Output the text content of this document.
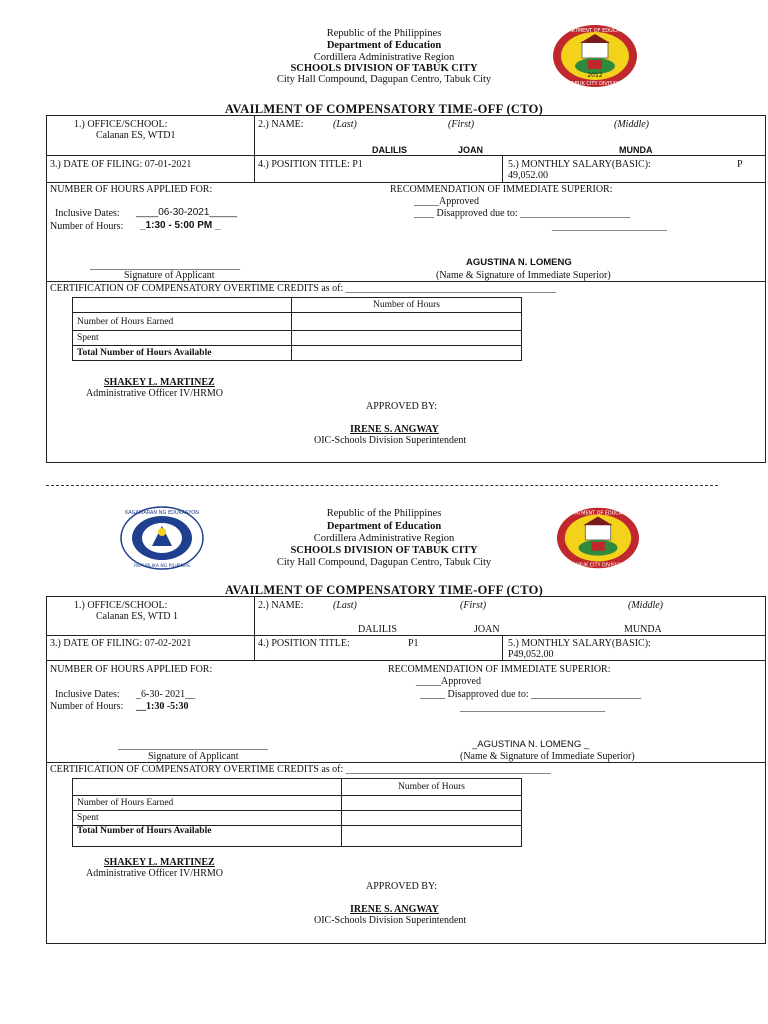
Republic of the Philippines
Department of Education
Cordillera Administrative Region
SCHOOLS DIVISION OF TABUK CITY
City Hall Compound, Dagupan Centro, Tabuk City	2012
DEPARTMENT OF EDUCATION
TABUK CITY DIVISION
AVAILMENT OF COMPENSATORY TIME-OFF (CTO)
1.) OFFICE/SCHOOL:
Calanan ES, WTD1
2.) NAME:	(Last)	(First)	(Middle)
DALILIS	JOAN	MUNDA
3.) DATE OF FILING: 07-01-2021	4.) POSITION TITLE: P1	5.) MONTHLY SALARY(BASIC):	P
49,052.00
NUMBER OF HOURS APPLIED FOR:	RECOMMENDATION OF IMMEDIATE SUPERIOR:
_____Approved
____ Disapproved due to: ______________________
_______________________
Inclusive Dates: ____06-30-2021_____
Number of Hours: _1:30 - 5:00 PM _
______________________________
Signature of Applicant
AGUSTINA N. LOMENG
(Name & Signature of Immediate Superior)
CERTIFICATION OF COMPENSATORY OVERTIME CREDITS as of: __________________________________________
	Number of Hours
Number of Hours Earned	
Spent	
Total Number of Hours Available	
SHAKEY L. MARTINEZ
Administrative Officer IV/HRMO
APPROVED BY:
IRENE S. ANGWAY
OIC-Schools Division Superintendent
KAGAWARAN NG EDUKASYON
REPUBLIKA NG PILIPINAS
Republic of the Philippines
Department of Education
Cordillera Administrative Region
SCHOOLS DIVISION OF TABUK CITY
City Hall Compound, Dagupan Centro, Tabuk City
DEPARTMENT OF EDUCATION
TABUK CITY DIVISION
AVAILMENT OF COMPENSATORY TIME-OFF (CTO)
1.) OFFICE/SCHOOL:
Calanan ES, WTD 1
2.) NAME:	(Last)	(First)	(Middle)
DALILIS	JOAN	MUNDA
3.) DATE OF FILING: 07-02-2021	4.) POSITION TITLE:	P1	5.) MONTHLY SALARY(BASIC):
P49,052.00
NUMBER OF HOURS APPLIED FOR:	RECOMMENDATION OF IMMEDIATE SUPERIOR:
_____Approved
_____ Disapproved due to: ______________________
_____________________________
Inclusive Dates: _6-30- 2021__
Number of Hours: __1:30 -5:30
______________________________
Signature of Applicant
_AGUSTINA N. LOMENG _
(Name & Signature of Immediate Superior)
CERTIFICATION OF COMPENSATORY OVERTIME CREDITS as of: _________________________________________
	Number of Hours
Number of Hours Earned	
Spent	
Total Number of Hours Available	
SHAKEY L. MARTINEZ
Administrative Officer IV/HRMO
APPROVED BY:
IRENE S. ANGWAY
OIC-Schools Division Superintendent
